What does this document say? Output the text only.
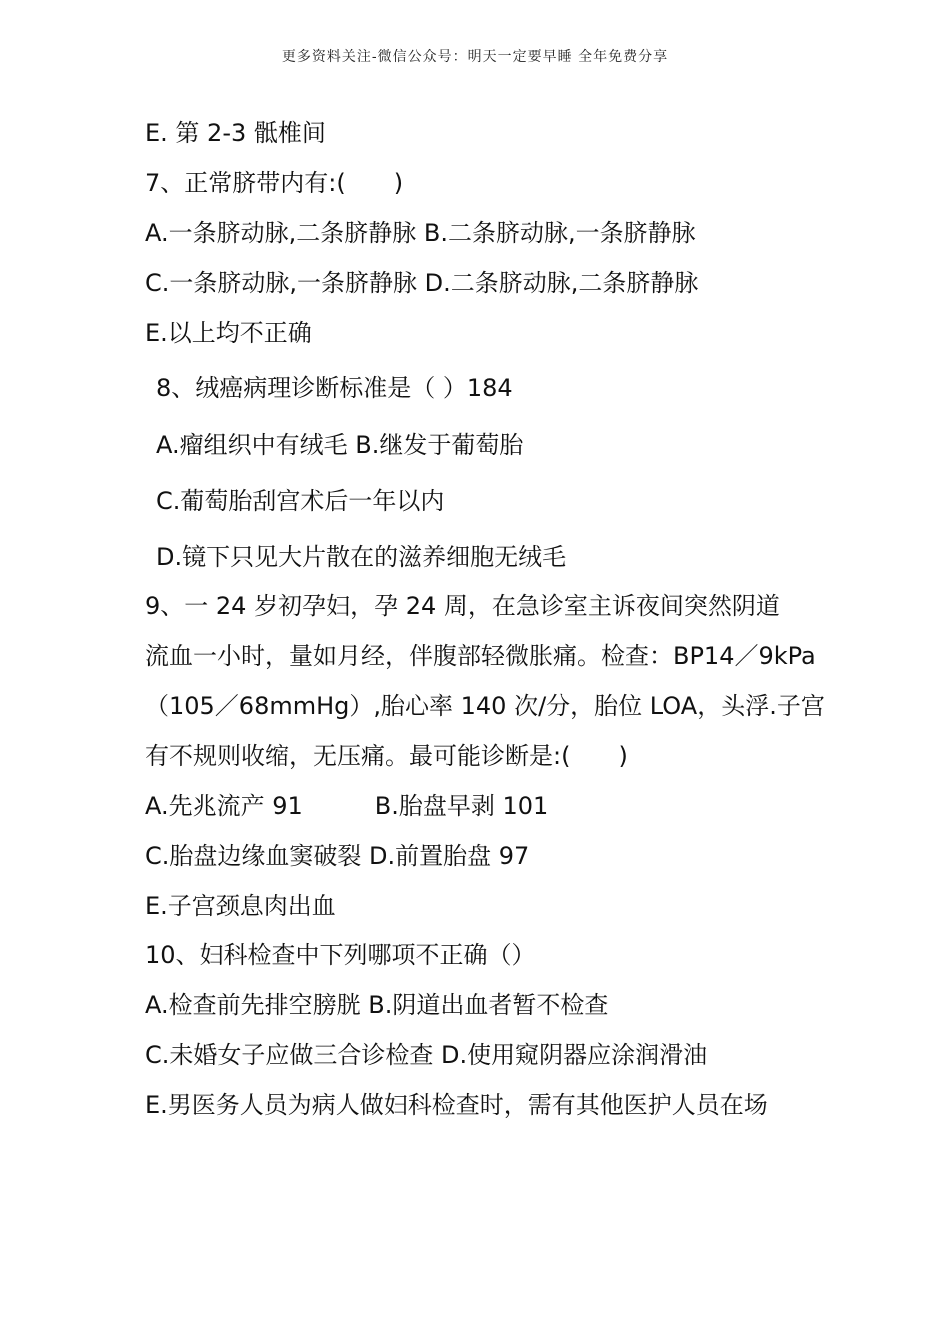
更多资料关注-微信公众号：明天一定要早睡 全年免费分享
E. 第 2-3 骶椎间
7、正常脐带内有:(　　)
A.一条脐动脉,二条脐静脉 B.二条脐动脉,一条脐静脉
C.一条脐动脉,一条脐静脉 D.二条脐动脉,二条脐静脉
E.以上均不正确
8、绒癌病理诊断标准是（ ）184
A.瘤组织中有绒毛 B.继发于葡萄胎
C.葡萄胎刮宫术后一年以内
D.镜下只见大片散在的滋养细胞无绒毛
9、一 24 岁初孕妇，孕 24 周，在急诊室主诉夜间突然阴道
流血一小时，量如月经，伴腹部轻微胀痛。检查：BP14／9kPa
（105／68mmHg）,胎心率 140 次/分，胎位 LOA，头浮.子宫
有不规则收缩，无压痛。最可能诊断是:(　　)
A.先兆流产 91　　　B.胎盘早剥 101
C.胎盘边缘血窦破裂 D.前置胎盘 97
E.子宫颈息肉出血
10、妇科检查中下列哪项不正确（）
A.检查前先排空膀胱 B.阴道出血者暂不检查
C.未婚女子应做三合诊检查 D.使用窥阴器应涂润滑油
E.男医务人员为病人做妇科检查时，需有其他医护人员在场
